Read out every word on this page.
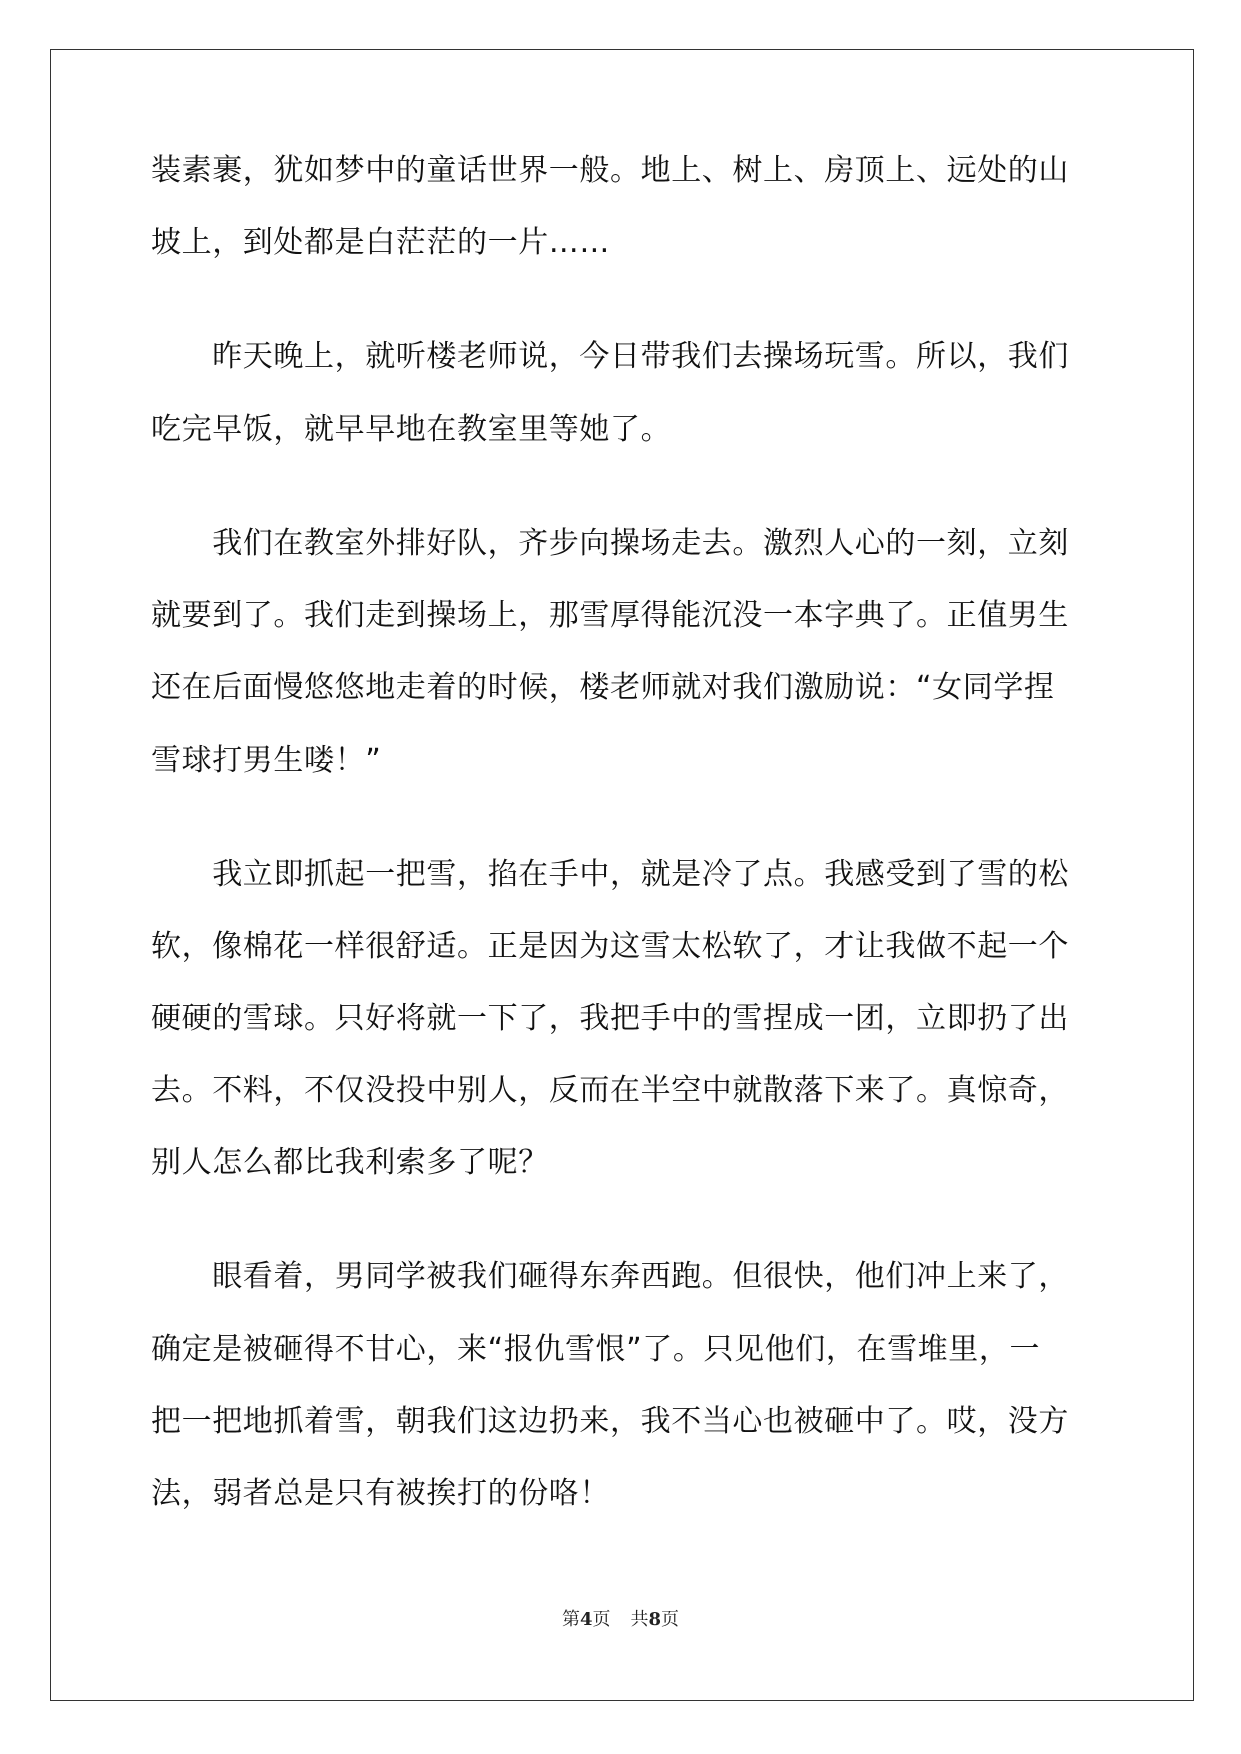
装素裹，犹如梦中的童话世界一般。地上、树上、房顶上、远处的山
坡上，到处都是白茫茫的一片……
　　昨天晚上，就听楼老师说，今日带我们去操场玩雪。所以，我们
吃完早饭，就早早地在教室里等她了。
　　我们在教室外排好队，齐步向操场走去。激烈人心的一刻，立刻
就要到了。我们走到操场上，那雪厚得能沉没一本字典了。正值男生
还在后面慢悠悠地走着的时候，楼老师就对我们激励说：“女同学捏
雪球打男生喽！”
　　我立即抓起一把雪，掐在手中，就是冷了点。我感受到了雪的松
软，像棉花一样很舒适。正是因为这雪太松软了，才让我做不起一个
硬硬的雪球。只好将就一下了，我把手中的雪捏成一团，立即扔了出
去。不料，不仅没投中别人，反而在半空中就散落下来了。真惊奇，
别人怎么都比我利索多了呢？
　　眼看着，男同学被我们砸得东奔西跑。但很快，他们冲上来了，
确定是被砸得不甘心，来“报仇雪恨”了。只见他们，在雪堆里，一
把一把地抓着雪，朝我们这边扔来，我不当心也被砸中了。哎，没方
法，弱者总是只有被挨打的份咯！
第4页 共8页
